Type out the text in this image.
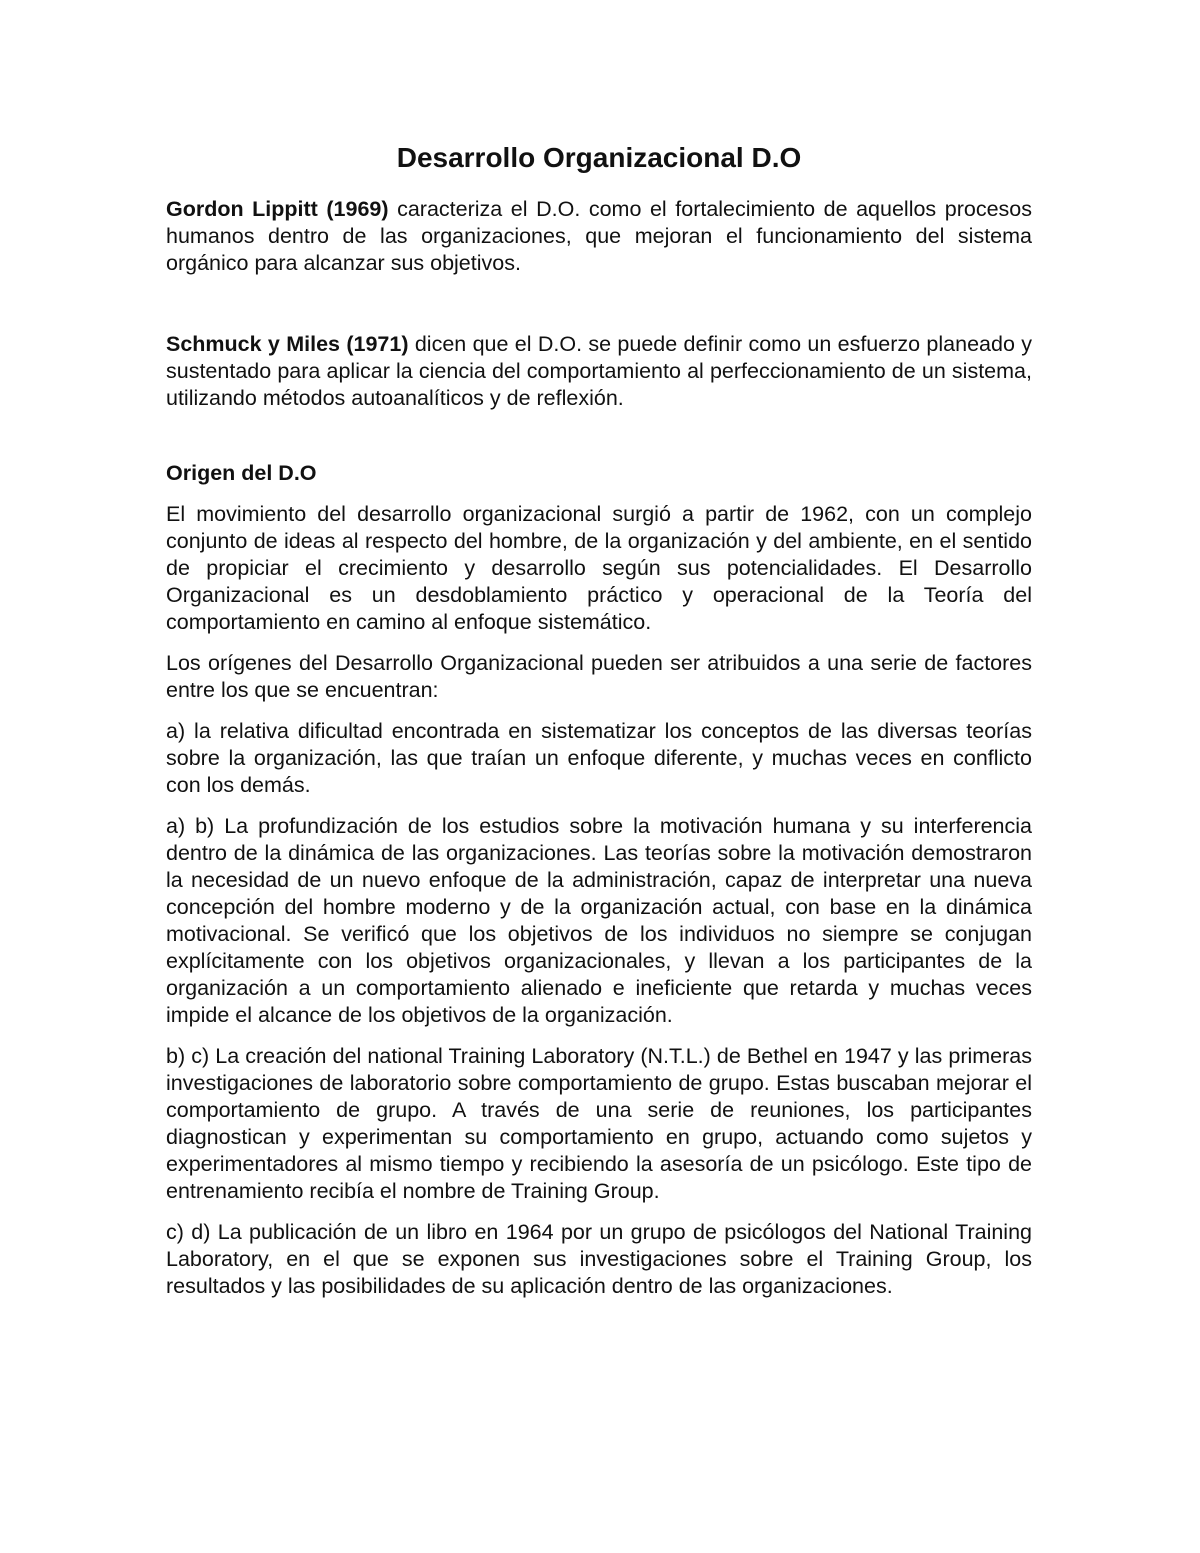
Desarrollo Organizacional D.O

Gordon Lippitt (1969) caracteriza el D.O. como el fortalecimiento de aquellos procesos humanos dentro de las organizaciones, que mejoran el funcionamiento del sistema orgánico para alcanzar sus objetivos.

Schmuck y Miles (1971) dicen que el D.O. se puede definir como un esfuerzo planeado y sustentado para aplicar la ciencia del comportamiento al perfeccionamiento de un sistema, utilizando métodos autoanalíticos y de reflexión.

Origen del D.O

El movimiento del desarrollo organizacional surgió a partir de 1962, con un complejo conjunto de ideas al respecto del hombre, de la organización y del ambiente, en el sentido de propiciar el crecimiento y desarrollo según sus potencialidades. El Desarrollo Organizacional es un desdoblamiento práctico y operacional de la Teoría del comportamiento en camino al enfoque sistemático.

Los orígenes del Desarrollo Organizacional pueden ser atribuidos a una serie de factores entre los que se encuentran:

a) la relativa dificultad encontrada en sistematizar los conceptos de las diversas teorías sobre la organización, las que traían un enfoque diferente, y muchas veces en conflicto con los demás.

a) b) La profundización de los estudios sobre la motivación humana y su interferencia dentro de la dinámica de las organizaciones. Las teorías sobre la motivación demostraron la necesidad de un nuevo enfoque de la administración, capaz de interpretar una nueva concepción del hombre moderno y de la organización actual, con base en la dinámica motivacional. Se verificó que los objetivos de los individuos no siempre se conjugan explícitamente con los objetivos organizacionales, y llevan a los participantes de la organización a un comportamiento alienado e ineficiente que retarda y muchas veces impide el alcance de los objetivos de la organización.

b) c) La creación del national Training Laboratory (N.T.L.) de Bethel en 1947 y las primeras investigaciones de laboratorio sobre comportamiento de grupo. Estas buscaban mejorar el comportamiento de grupo. A través de una serie de reuniones, los participantes diagnostican y experimentan su comportamiento en grupo, actuando como sujetos y experimentadores al mismo tiempo y recibiendo la asesoría de un psicólogo. Este tipo de entrenamiento recibía el nombre de Training Group.

c) d) La publicación de un libro en 1964 por un grupo de psicólogos del National Training Laboratory, en el que se exponen sus investigaciones sobre el Training Group, los resultados y las posibilidades de su aplicación dentro de las organizaciones.
